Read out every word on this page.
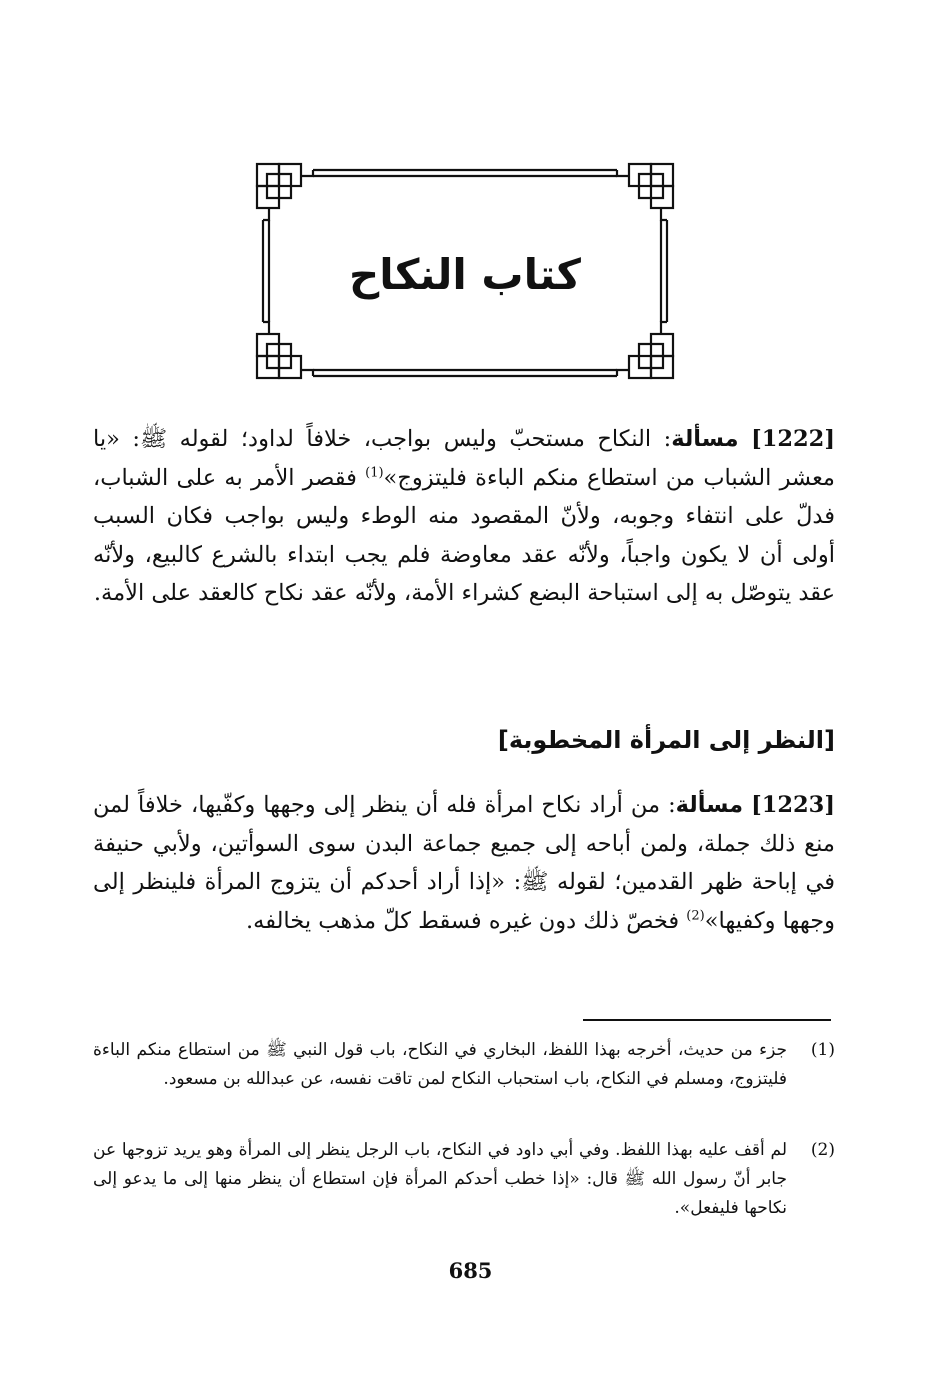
كتاب النكاح
[1222] مسألة: النكاح مستحبّ وليس بواجب، خلافاً لداود؛ لقوله ﷺ: «يا معشر الشباب من استطاع منكم الباءة فليتزوج»$^{(1)}$ فقصر الأمر به على الشباب، فدلّ على انتفاء وجوبه، ولأنّ المقصود منه الوطء وليس بواجب فكان السبب أولى أن لا يكون واجباً، ولأنّه عقد معاوضة فلم يجب ابتداء بالشرع كالبيع، ولأنّه عقد يتوصّل به إلى استباحة البضع كشراء الأمة، ولأنّه عقد نكاح كالعقد على الأمة.
[النظر إلى المرأة المخطوبة]
[1223] مسألة: من أراد نكاح امرأة فله أن ينظر إلى وجهها وكفّيها، خلافاً لمن منع ذلك جملة، ولمن أباحه إلى جميع جماعة البدن سوى السوأتين، ولأبي حنيفة في إباحة ظهر القدمين؛ لقوله ﷺ: «إذا أراد أحدكم أن يتزوج المرأة فلينظر إلى وجهها وكفيها»$^{(2)}$ فخصّ ذلك دون غيره فسقط كلّ مذهب يخالفه.
(1)
جزء من حديث، أخرجه بهذا اللفظ، البخاري في النكاح، باب قول النبي ﷺ من استطاع منكم الباءة فليتزوج، ومسلم في النكاح، باب استحباب النكاح لمن تاقت نفسه، عن عبدالله بن مسعود.
(2)
لم أقف عليه بهذا اللفظ. وفي أبي داود في النكاح، باب الرجل ينظر إلى المرأة وهو يريد تزوجها عن جابر أنّ رسول الله ﷺ قال: «إذا خطب أحدكم المرأة فإن استطاع أن ينظر منها إلى ما يدعو إلى نكاحها فليفعل».
685
